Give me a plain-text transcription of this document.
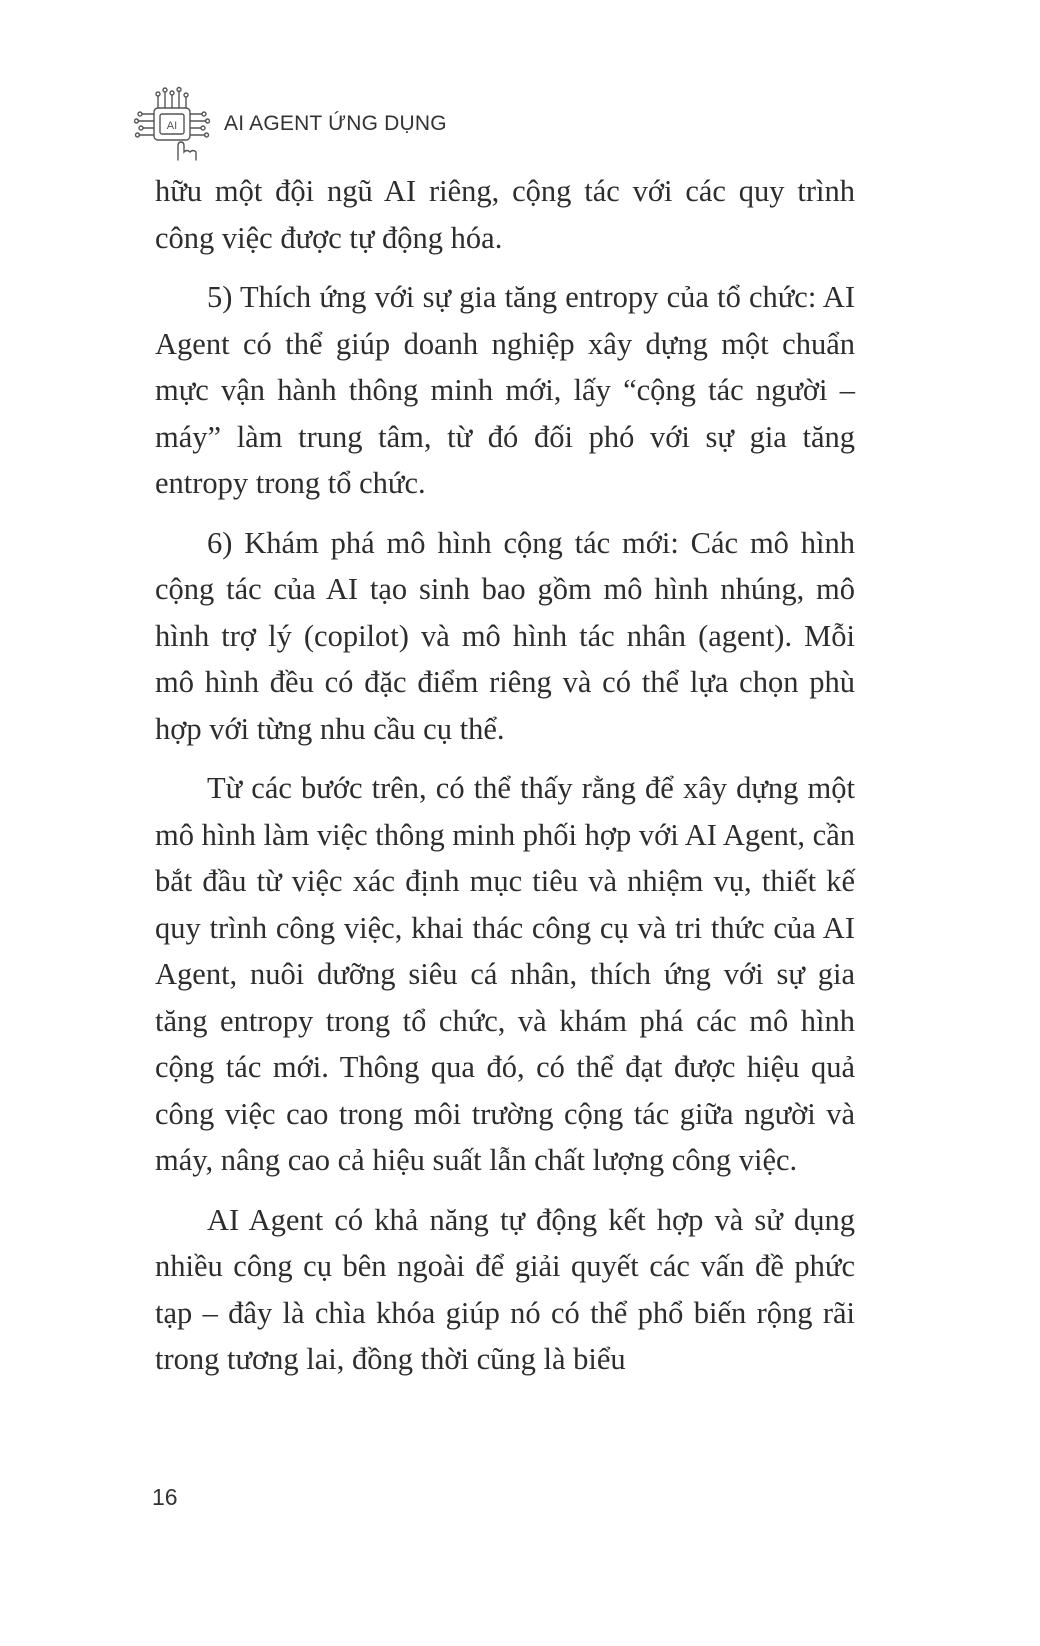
AI AI AGENT ỨNG DỤNG

hữu một đội ngũ AI riêng, cộng tác với các quy trình công việc được tự động hóa.

5) Thích ứng với sự gia tăng entropy của tổ chức: AI Agent có thể giúp doanh nghiệp xây dựng một chuẩn mực vận hành thông minh mới, lấy “cộng tác người – máy” làm trung tâm, từ đó đối phó với sự gia tăng entropy trong tổ chức.

6) Khám phá mô hình cộng tác mới: Các mô hình cộng tác của AI tạo sinh bao gồm mô hình nhúng, mô hình trợ lý (copilot) và mô hình tác nhân (agent). Mỗi mô hình đều có đặc điểm riêng và có thể lựa chọn phù hợp với từng nhu cầu cụ thể.

Từ các bước trên, có thể thấy rằng để xây dựng một mô hình làm việc thông minh phối hợp với AI Agent, cần bắt đầu từ việc xác định mục tiêu và nhiệm vụ, thiết kế quy trình công việc, khai thác công cụ và tri thức của AI Agent, nuôi dưỡng siêu cá nhân, thích ứng với sự gia tăng entropy trong tổ chức, và khám phá các mô hình cộng tác mới. Thông qua đó, có thể đạt được hiệu quả công việc cao trong môi trường cộng tác giữa người và máy, nâng cao cả hiệu suất lẫn chất lượng công việc.

AI Agent có khả năng tự động kết hợp và sử dụng nhiều công cụ bên ngoài để giải quyết các vấn đề phức tạp – đây là chìa khóa giúp nó có thể phổ biến rộng rãi trong tương lai, đồng thời cũng là biểu

16
